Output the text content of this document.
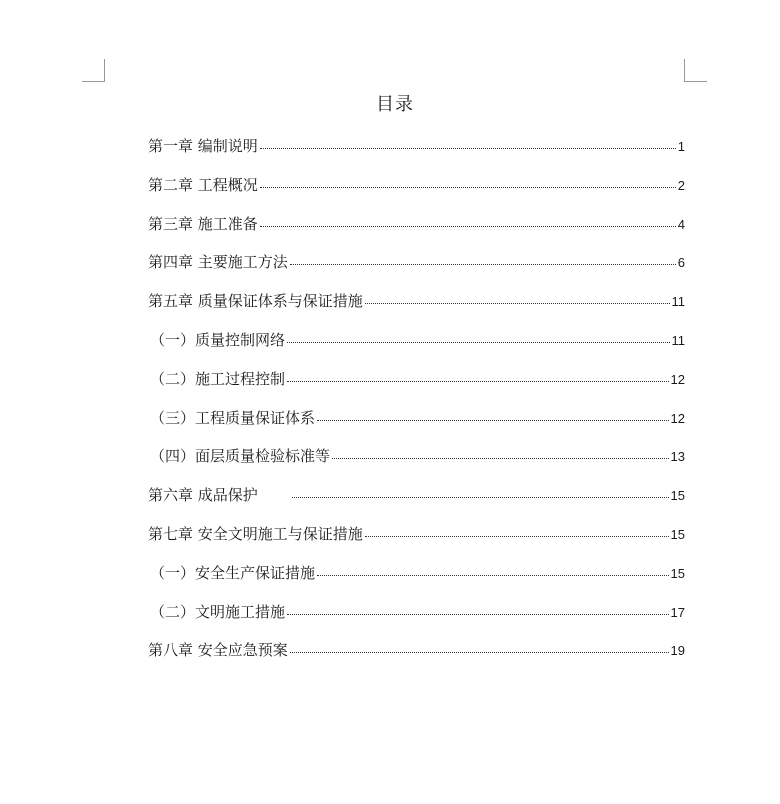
目录
第一章 编制说明	1
第二章 工程概况	2
第三章 施工准备	4
第四章 主要施工方法	6
第五章 质量保证体系与保证措施	11
（一）质量控制网络	11
（二）施工过程控制	12
（三）工程质量保证体系	12
（四）面层质量检验标准等	13
第六章 成品保护	15
第七章 安全文明施工与保证措施	15
（一）安全生产保证措施	15
（二）文明施工措施	17
第八章 安全应急预案	19
